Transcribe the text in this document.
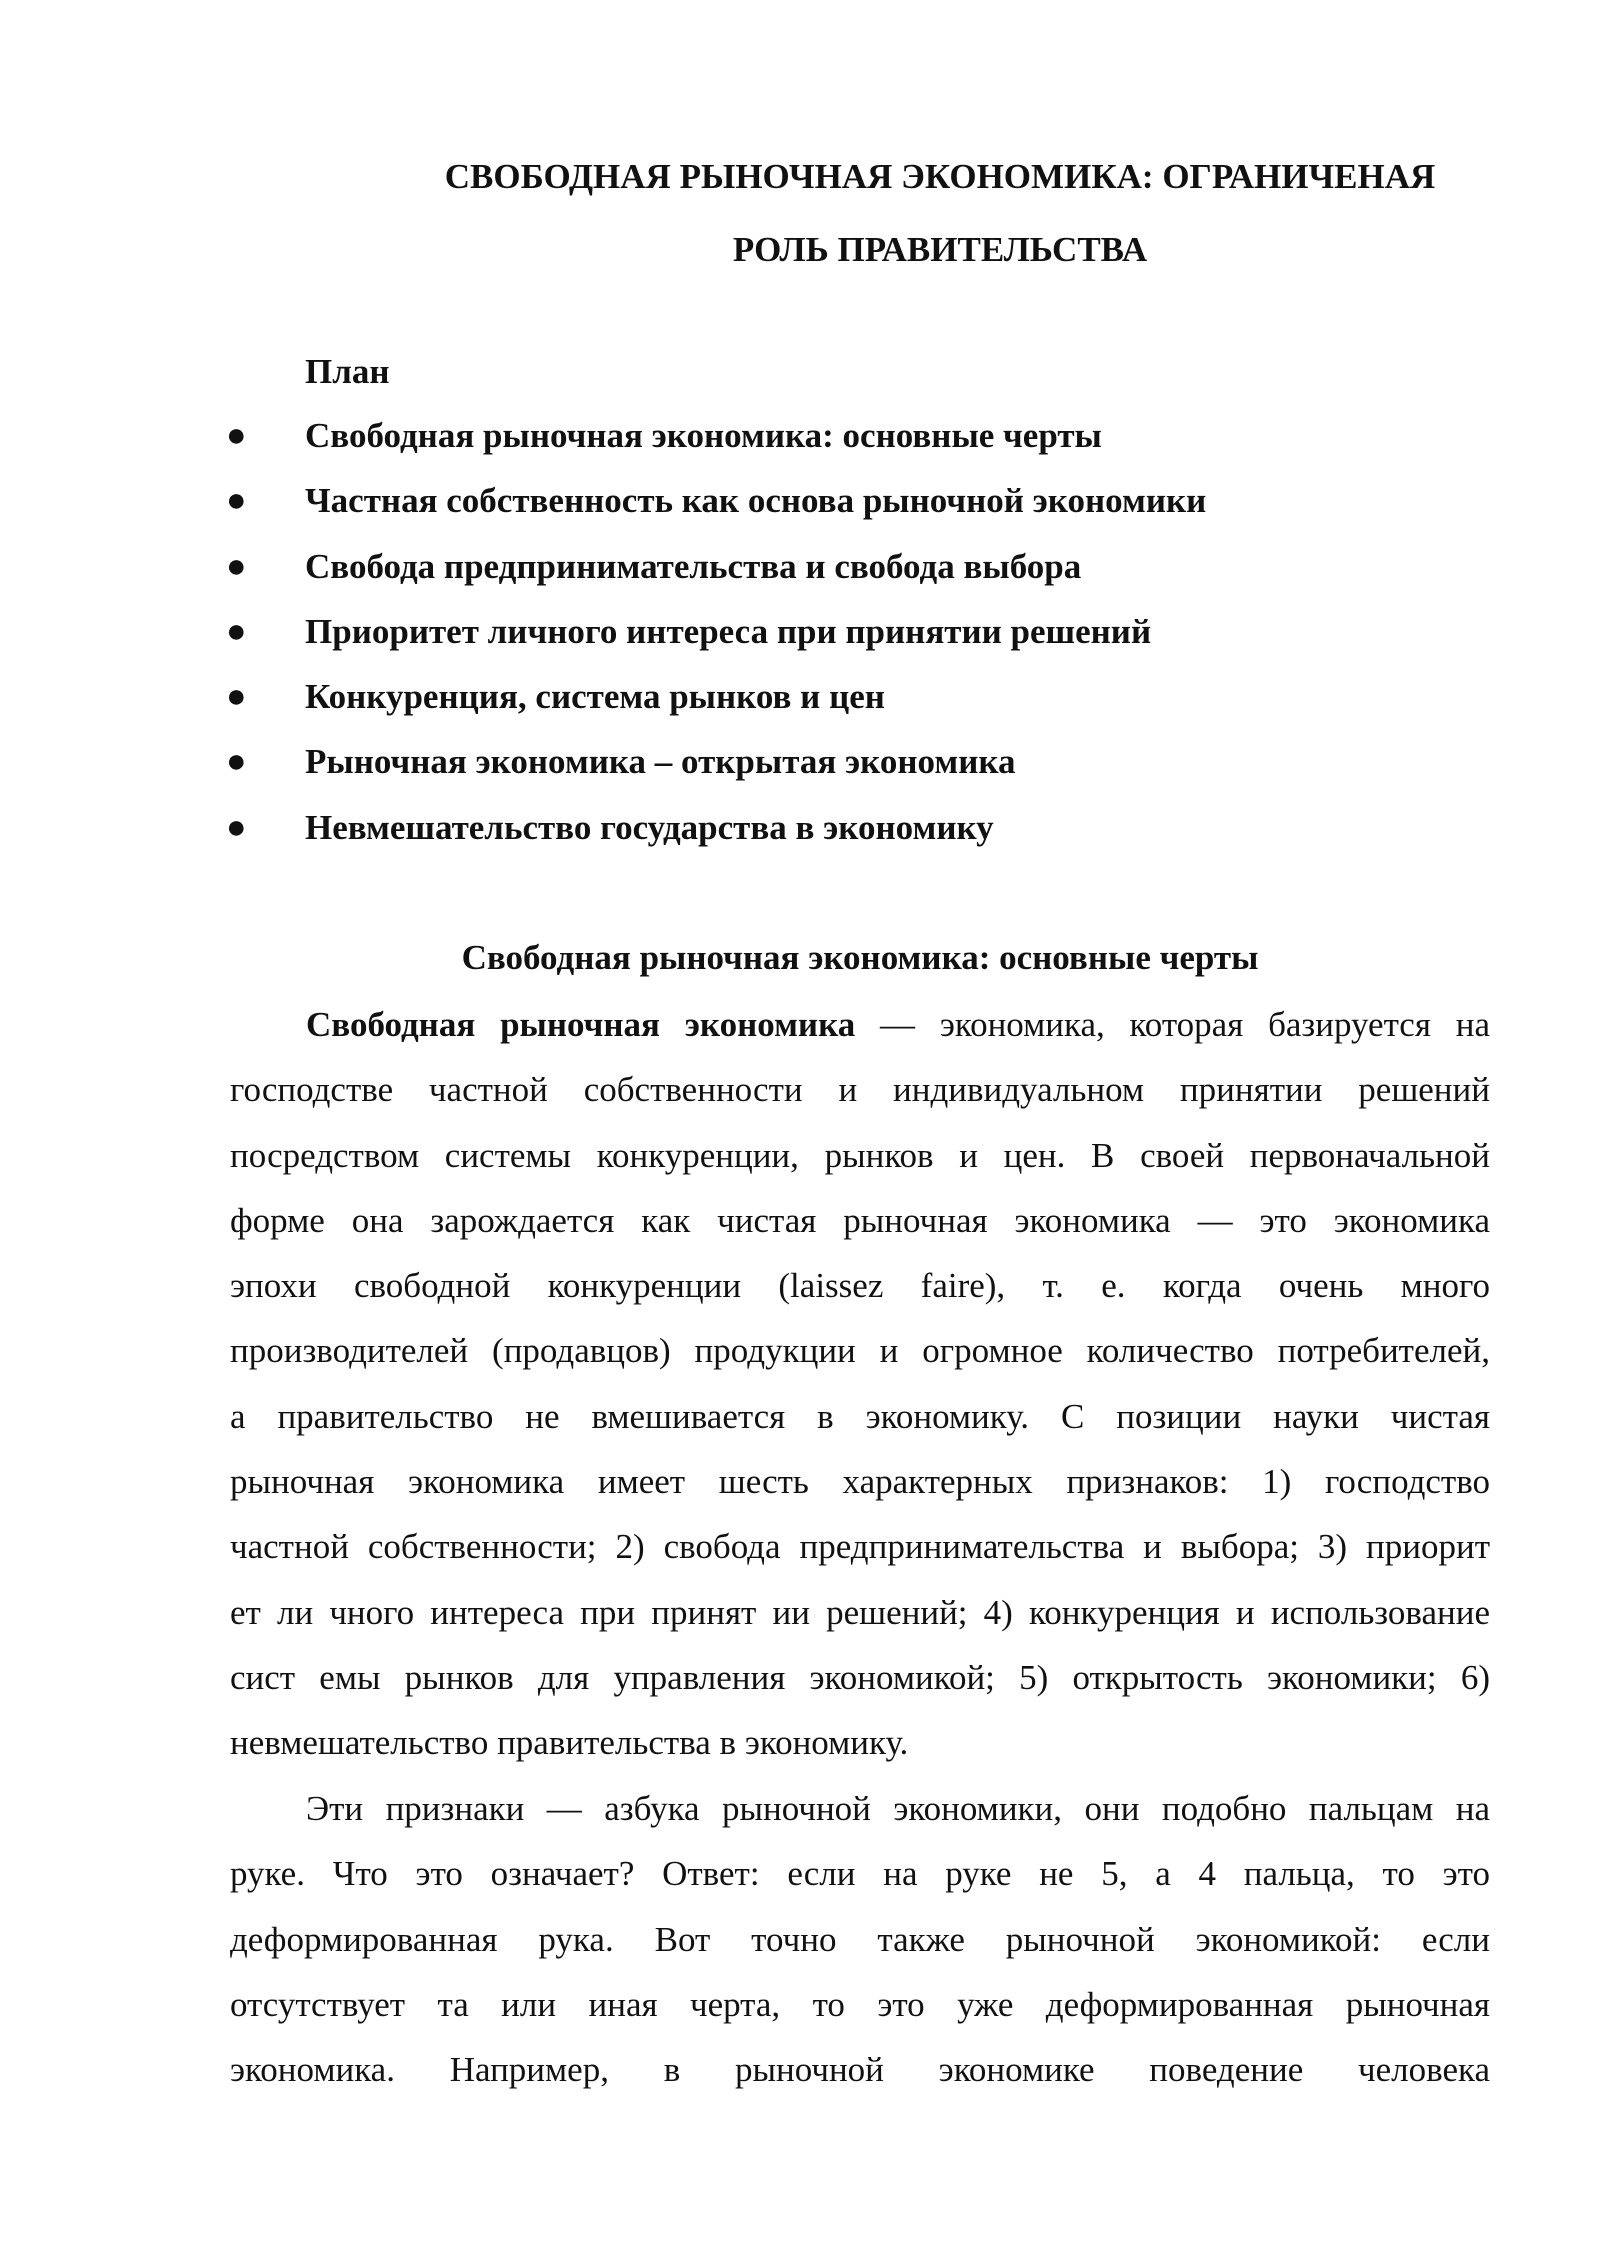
СВОБОДНАЯ РЫНОЧНАЯ ЭКОНОМИКА: ОГРАНИЧЕНАЯ
РОЛЬ ПРАВИТЕЛЬСТВА
План
● Свободная рыночная экономика: основные черты
● Частная собственность как основа рыночной экономики
● Свобода предпринимательства и свобода выбора
● Приоритет личного интереса при принятии решений
● Конкуренция, система рынков и цен
● Рыночная экономика – открытая экономика
● Невмешательство государства в экономику
Свободная рыночная экономика: основные черты
Свободная рыночная экономика — экономика, которая базируется на
господстве частной собственности и индивидуальном принятии решений
посредством системы конкуренции, рынков и цен. В своей первоначальной
форме она зарождается как чистая рыночная экономика — это экономика
эпохи свободной конкуренции (laissez faire), т. е. когда очень много
производителей (продавцов) продукции и огромное количество потребителей,
а правительство не вмешивается в экономику. С позиции науки чистая
рыночная экономика имеет шесть характерных признаков: 1) господство
частной собственности; 2) свобода предпринимательства и выбора; 3) приорит
ет ли чного интереса при принят ии решений; 4) конкуренция и использование
сист емы рынков для управления экономикой; 5) открытость экономики; 6)
невмешательство правительства в экономику.
Эти признаки — азбука рыночной экономики, они подобно пальцам на
руке. Что это означает? Ответ: если на руке не 5, а 4 пальца, то это
деформированная рука. Вот точно также рыночной экономикой: если
отсутствует та или иная черта, то это уже деформированная рыночная
экономика. Например, в рыночной экономике поведение человека
